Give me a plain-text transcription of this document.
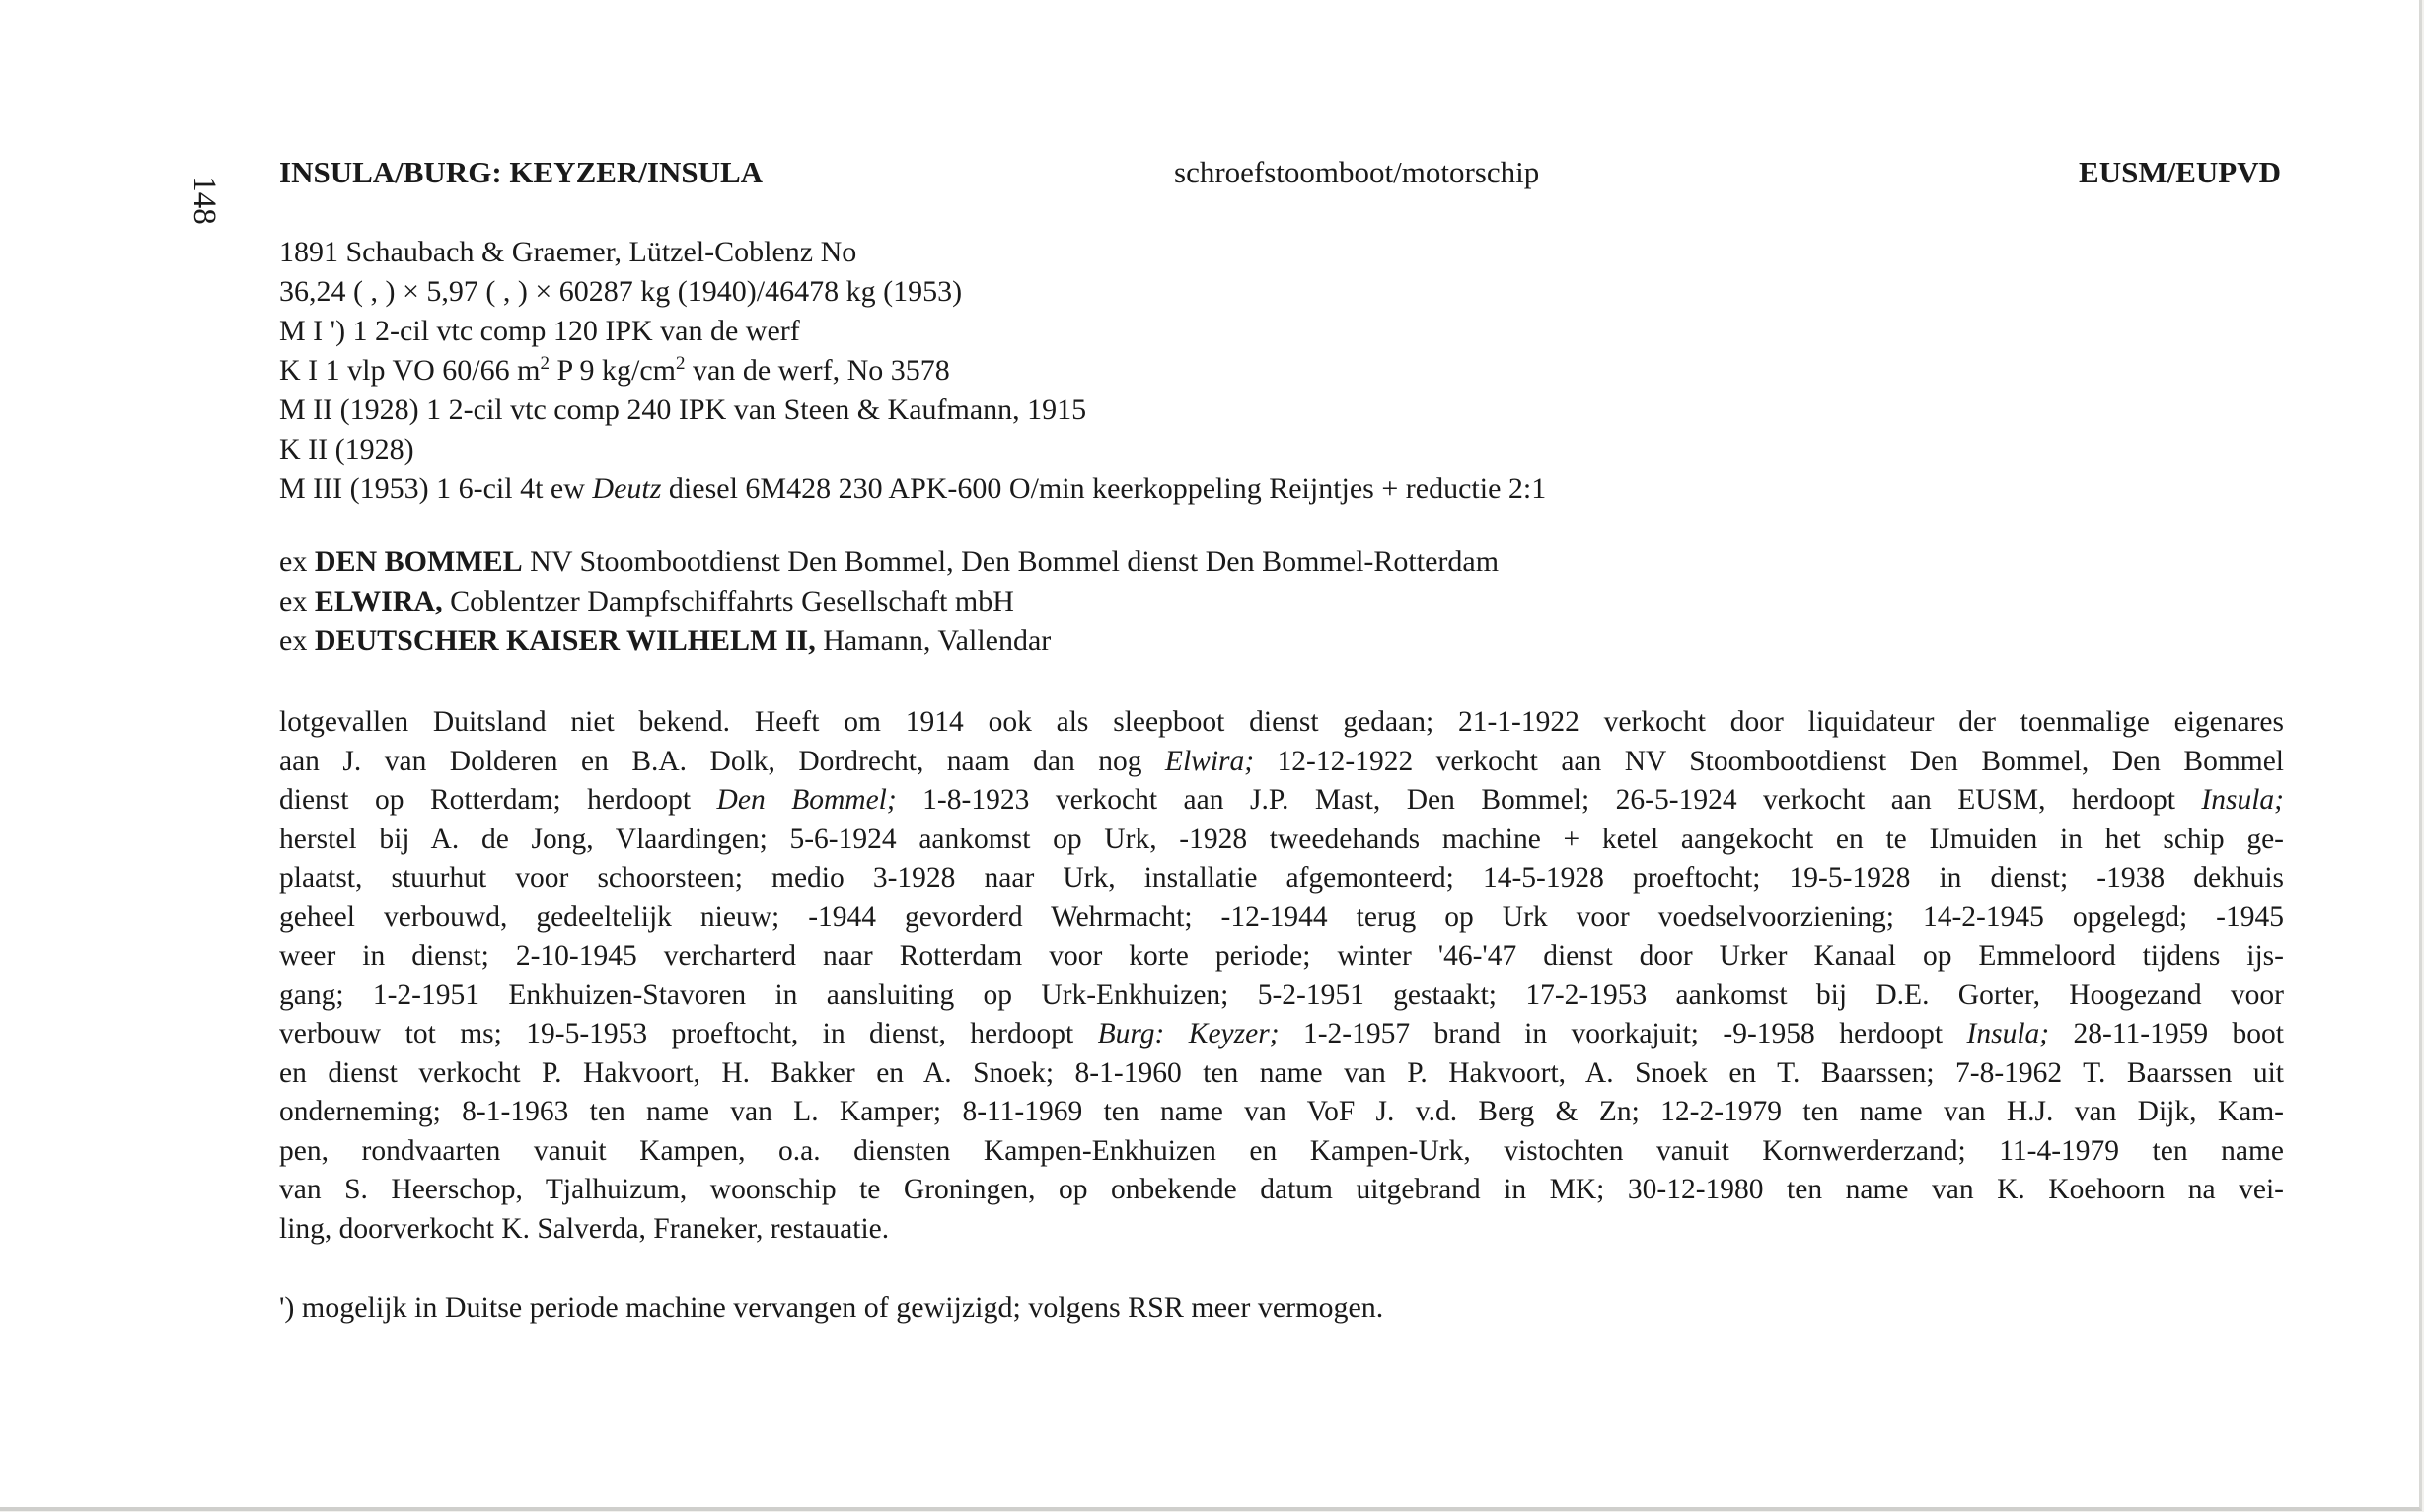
148
INSULA/BURG: KEYZER/INSULA	schroefstoomboot/motorschip	EUSM/EUPVD
1891 Schaubach & Graemer, Lützel-Coblenz No
36,24 ( , ) × 5,97 ( , ) × 60287 kg (1940)/46478 kg (1953)
M I ') 1 2-cil vtc comp 120 IPK van de werf
K I 1 vlp VO 60/66 $m^2$ P 9 $kg/cm^2$ van de werf, No 3578
M II (1928) 1 2-cil vtc comp 240 IPK van Steen & Kaufmann, 1915
K II (1928)
M III (1953) 1 6-cil 4t ew Deutz diesel 6M428 230 APK-600 O/min keerkoppeling Reijntjes + reductie 2:1
ex DEN BOMMEL NV Stoombootdienst Den Bommel, Den Bommel dienst Den Bommel-Rotterdam
ex ELWIRA, Coblentzer Dampfschiffahrts Gesellschaft mbH
ex DEUTSCHER KAISER WILHELM II, Hamann, Vallendar
lotgevallen Duitsland niet bekend. Heeft om 1914 ook als sleepboot dienst gedaan; 21-1-1922 verkocht door liquidateur der toenmalige eigenares
aan J. van Dolderen en B.A. Dolk, Dordrecht, naam dan nog Elwira; 12-12-1922 verkocht aan NV Stoombootdienst Den Bommel, Den Bommel
dienst op Rotterdam; herdoopt Den Bommel; 1-8-1923 verkocht aan J.P. Mast, Den Bommel; 26-5-1924 verkocht aan EUSM, herdoopt Insula;
herstel bij A. de Jong, Vlaardingen; 5-6-1924 aankomst op Urk, -1928 tweedehands machine + ketel aangekocht en te IJmuiden in het schip ge-
plaatst, stuurhut voor schoorsteen; medio 3-1928 naar Urk, installatie afgemonteerd; 14-5-1928 proeftocht; 19-5-1928 in dienst; -1938 dekhuis
geheel verbouwd, gedeeltelijk nieuw; -1944 gevorderd Wehrmacht; -12-1944 terug op Urk voor voedselvoorziening; 14-2-1945 opgelegd; -1945
weer in dienst; 2-10-1945 vercharterd naar Rotterdam voor korte periode; winter '46-'47 dienst door Urker Kanaal op Emmeloord tijdens ijs-
gang; 1-2-1951 Enkhuizen-Stavoren in aansluiting op Urk-Enkhuizen; 5-2-1951 gestaakt; 17-2-1953 aankomst bij D.E. Gorter, Hoogezand voor
verbouw tot ms; 19-5-1953 proeftocht, in dienst, herdoopt Burg: Keyzer; 1-2-1957 brand in voorkajuit; -9-1958 herdoopt Insula; 28-11-1959 boot
en dienst verkocht P. Hakvoort, H. Bakker en A. Snoek; 8-1-1960 ten name van P. Hakvoort, A. Snoek en T. Baarssen; 7-8-1962 T. Baarssen uit
onderneming; 8-1-1963 ten name van L. Kamper; 8-11-1969 ten name van VoF J. v.d. Berg & Zn; 12-2-1979 ten name van H.J. van Dijk, Kam-
pen, rondvaarten vanuit Kampen, o.a. diensten Kampen-Enkhuizen en Kampen-Urk, vistochten vanuit Kornwerderzand; 11-4-1979 ten name
van S. Heerschop, Tjalhuizum, woonschip te Groningen, op onbekende datum uitgebrand in MK; 30-12-1980 ten name van K. Koehoorn na vei-
ling, doorverkocht K. Salverda, Franeker, restauatie.
') mogelijk in Duitse periode machine vervangen of gewijzigd; volgens RSR meer vermogen.
